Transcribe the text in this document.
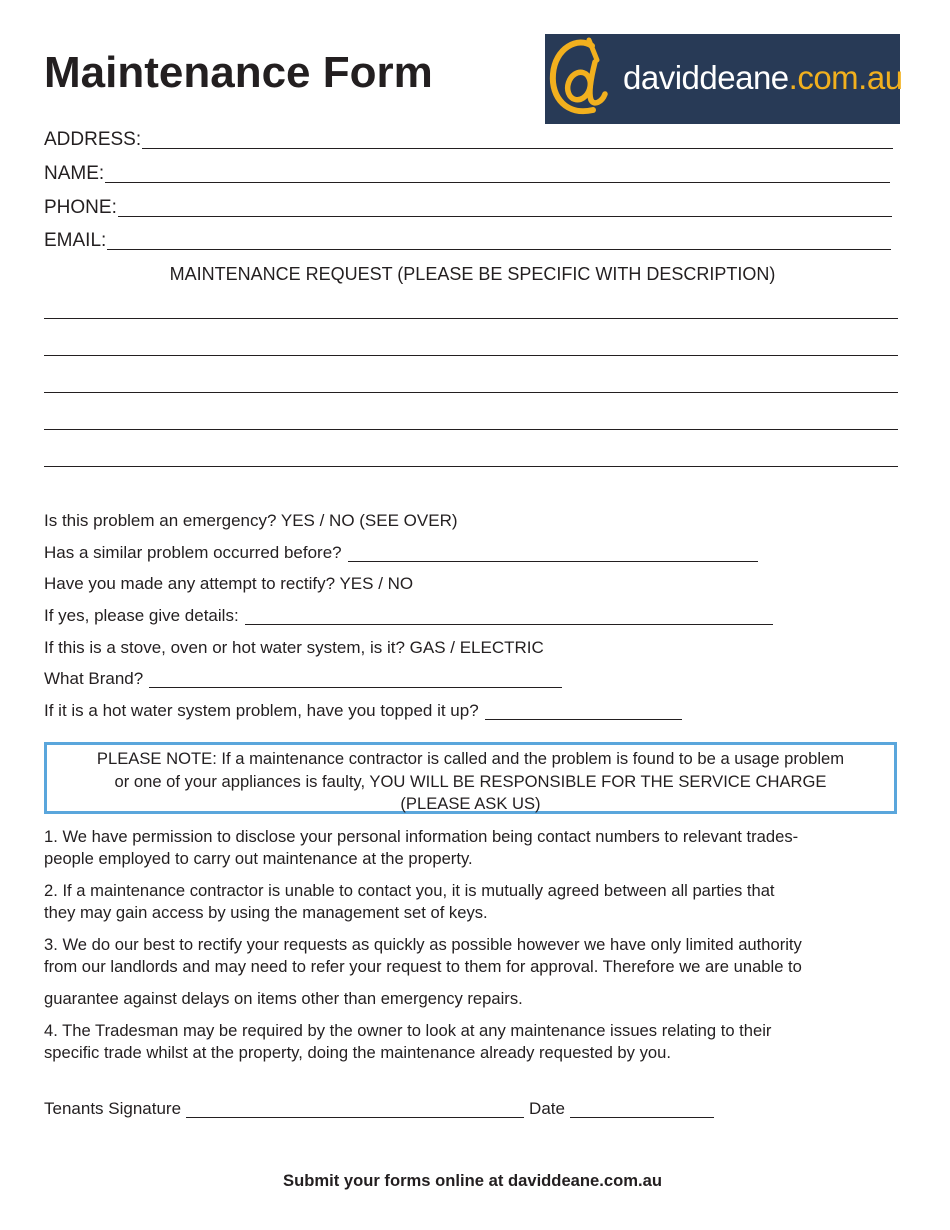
Maintenance Form	daviddeane.com.au
ADDRESS:
NAME:
PHONE:
EMAIL:
MAINTENANCE REQUEST (PLEASE BE SPECIFIC WITH DESCRIPTION)
Is this problem an emergency? YES / NO (SEE OVER)
Has a similar problem occurred before?
Have you made any attempt to rectify? YES / NO
If yes, please give details:
If this is a stove, oven or hot water system, is it? GAS / ELECTRIC
What Brand?
If it is a hot water system problem, have you topped it up?
PLEASE NOTE: If a maintenance contractor is called and the problem is found to be a usage problem
or one of your appliances is faulty, YOU WILL BE RESPONSIBLE FOR THE SERVICE CHARGE
(PLEASE ASK US)
1. We have permission to disclose your personal information being contact numbers to relevant trades-
people employed to carry out maintenance at the property.
2. If a maintenance contractor is unable to contact you, it is mutually agreed between all parties that
they may gain access by using the management set of keys.
3. We do our best to rectify your requests as quickly as possible however we have only limited authority
from our landlords and may need to refer your request to them for approval. Therefore we are unable to
guarantee against delays on items other than emergency repairs.
4. The Tradesman may be required by the owner to look at any maintenance issues relating to their
specific trade whilst at the property, doing the maintenance already requested by you.
Tenants Signature	Date
Submit your forms online at daviddeane.com.au
